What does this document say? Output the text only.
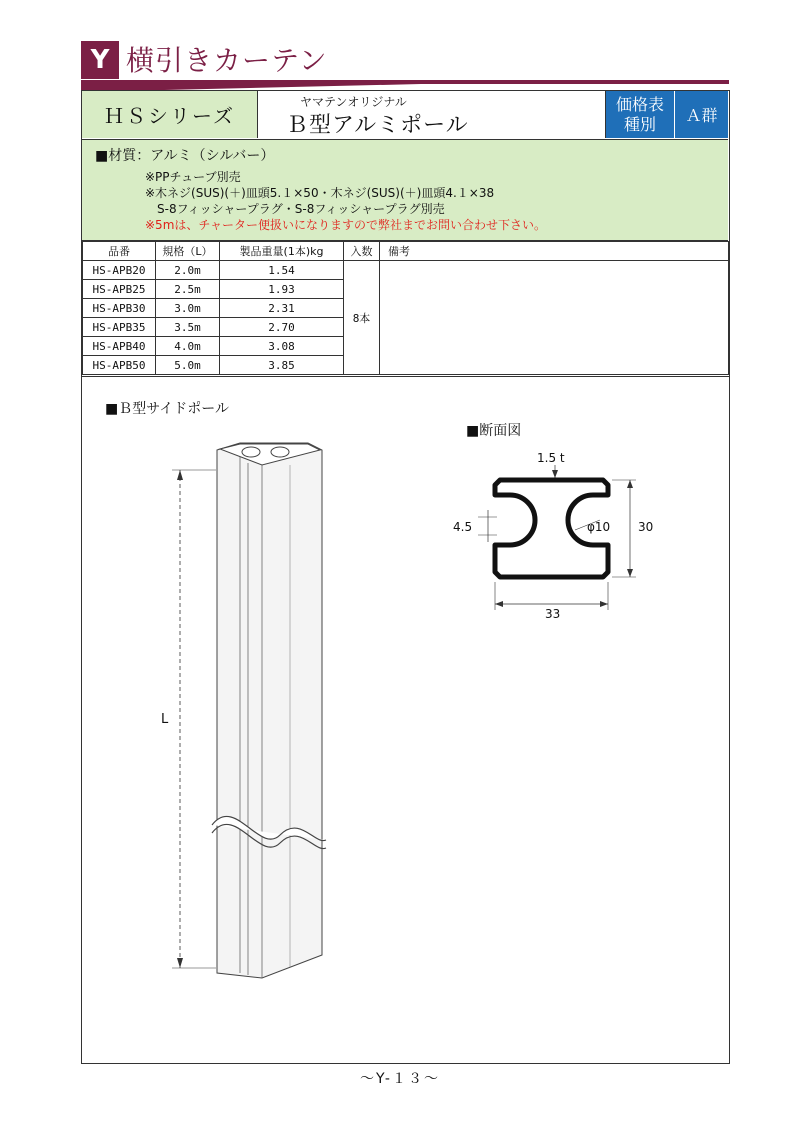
Y 横引きカーテン
ＨＳシリーズ
ヤマテンオリジナル
Ｂ型アルミポール
価格表
種別	Ａ群
■材質：アルミ（シルバー）
※PPチューブ別売
※木ネジ(SUS)(＋)皿頭5.１×50・木ネジ(SUS)(＋)皿頭4.１×38
　S-8フィッシャープラグ・S-8フィッシャープラグ別売
※5mは、チャーター便扱いになりますので弊社までお問い合わせ下さい。
品番	規格（L）	製品重量(1本)kg	入数	備考
HS-APB20	2.0m	1.54	8本	
HS-APB25	2.5m	1.93		
HS-APB30	3.0m	2.31		
HS-APB35	3.5m	2.70		
HS-APB40	4.0m	3.08		
HS-APB50	5.0m	3.85		
■Ｂ型サイドポール
L
■断面図
1.5 t
30
33
4.5	φ10
～Y-１３～
